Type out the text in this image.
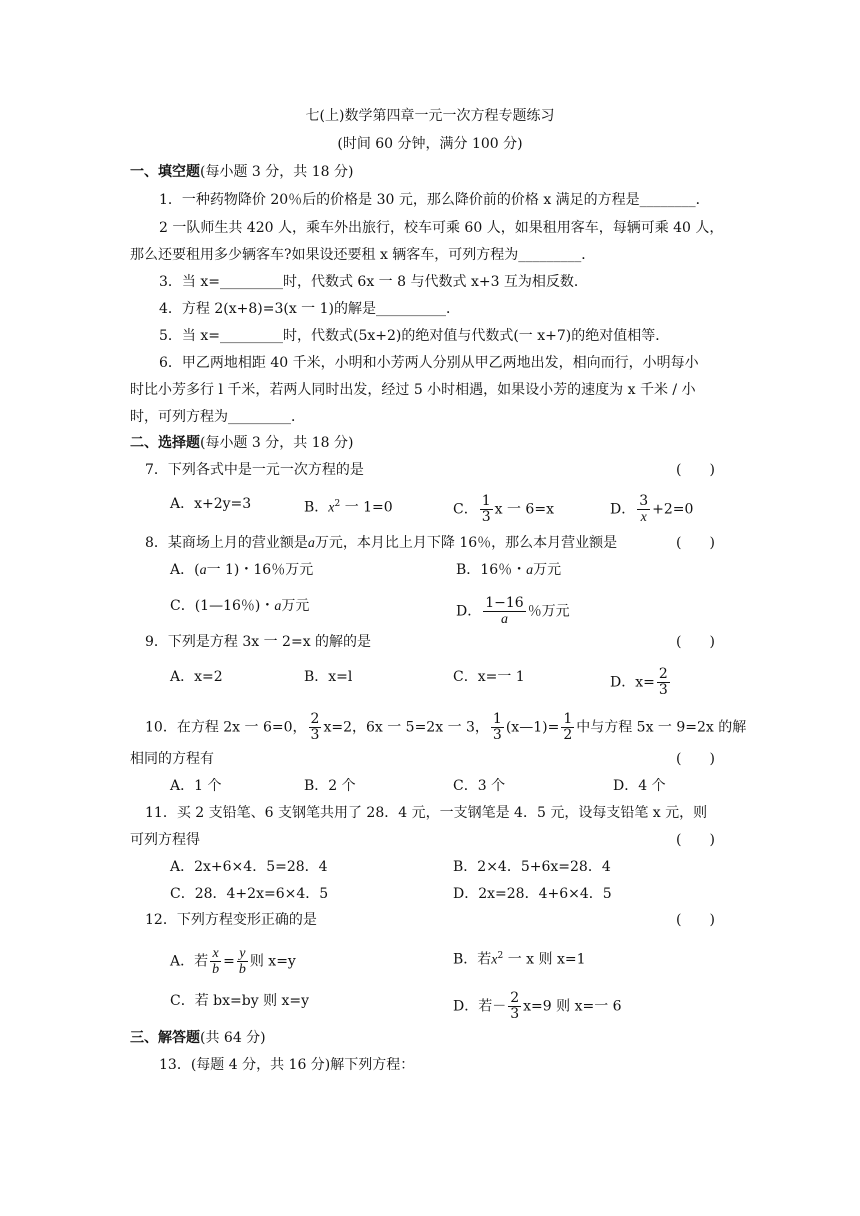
七(上)数学第四章一元一次方程专题练习
(时间 60 分钟，满分 100 分)
一、填空题(每小题 3 分，共 18 分)
1．一种药物降价 20％后的价格是 30 元，那么降价前的价格 x 满足的方程是________．
2 一队师生共 420 人，乘车外出旅行，校车可乘 60 人，如果租用客车，每辆可乘 40 人，
那么还要租用多少辆客车?如果设还要租 x 辆客车，可列方程为_________．
3．当 x=_________时，代数式 6x 一 8 与代数式 x+3 互为相反数．
4．方程 2(x+8)=3(x 一 1)的解是__________．
5．当 x=_________时，代数式(5x+2)的绝对值与代数式(一 x+7)的绝对值相等．
6．甲乙两地相距 40 千米，小明和小芳两人分别从甲乙两地出发，相向而行，小明每小
时比小芳多行 l 千米，若两人同时出发，经过 5 小时相遇，如果设小芳的速度为 x 千米 / 小
时，可列方程为_________．
二、选择题(每小题 3 分，共 18 分)
7．下列各式中是一元一次方程的是	(　　)
A．x+2y=3	B．$x^2$ 一 1=0	C． $\frac{1}{3}$ x 一 6=x	D． $\frac{3}{x} +2=0$
8．某商场上月的营业额是a万元，本月比上月下降 16％，那么本月营业额是	(　　)
A．(a一 1)・16％万元	B．16％・a万元
C．(1—16％)・a万元	D． $\frac{1-16}{a}$ ％万元
9．下列是方程 3x 一 2=x 的解的是	(　　)
A．x=2	B．x=l	C．x=一 1	D．$x= \frac{2}{3}$
10．在方程 2x 一 6=0， $\frac{2}{3} x=2$，6x 一 5=2x 一 3， $\frac{1}{3}$ (x—1)= $\frac{1}{2}$ 中与方程 5x 一 9=2x 的解
相同的方程有	(　　)
A．1 个	B．2 个	C．3 个	D．4 个
11．买 2 支铅笔、6 支钢笔共用了 28．4 元，一支钢笔是 4．5 元，设每支铅笔 x 元，则
可列方程得	(　　)
A．2x+6×4．5=28．4	B．2×4．5+6x=28．4
C．28．4+2x=6×4．5	D．2x=28．4+6×4．5
12．下列方程变形正确的是	(　　)
A．若 $\frac{x}{b} = \frac{y}{b}$ 则 x=y	B．若$x^2$ 一 x 则 x=1
C．若 bx=by 则 x=y	D．若－ $\frac{2}{3} x=9$ 则 x=一 6
三、解答题(共 64 分)
13．(每题 4 分，共 16 分)解下列方程：
